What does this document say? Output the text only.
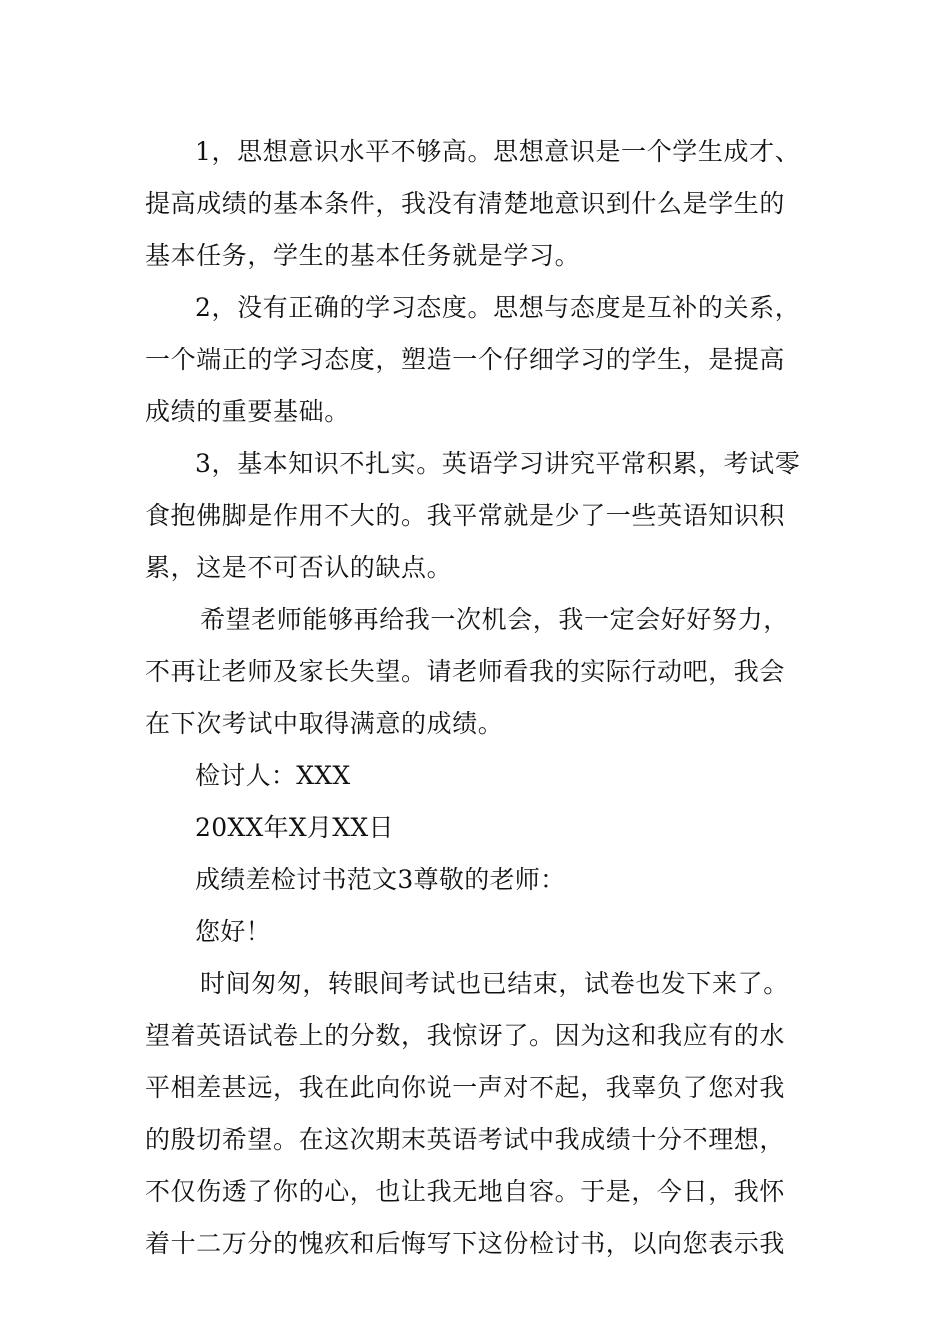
1，思想意识水平不够高。思想意识是一个学生成才、
提高成绩的基本条件，我没有清楚地意识到什么是学生的
基本任务，学生的基本任务就是学习。

2，没有正确的学习态度。思想与态度是互补的关系，
一个端正的学习态度，塑造一个仔细学习的学生，是提高
成绩的重要基础。

3，基本知识不扎实。英语学习讲究平常积累，考试零
食抱佛脚是作用不大的。我平常就是少了一些英语知识积
累，这是不可否认的缺点。

希望老师能够再给我一次机会，我一定会好好努力，
不再让老师及家长失望。请老师看我的实际行动吧，我会
在下次考试中取得满意的成绩。

检讨人：XXX

20XX年X月XX日

成绩差检讨书范文3尊敬的老师：

您好！

时间匆匆，转眼间考试也已结束，试卷也发下来了。
望着英语试卷上的分数，我惊讶了。因为这和我应有的水
平相差甚远，我在此向你说一声对不起，我辜负了您对我
的殷切希望。在这次期末英语考试中我成绩十分不理想，
不仅伤透了你的心，也让我无地自容。于是，今日，我怀
着十二万分的愧疚和后悔写下这份检讨书，以向您表示我
